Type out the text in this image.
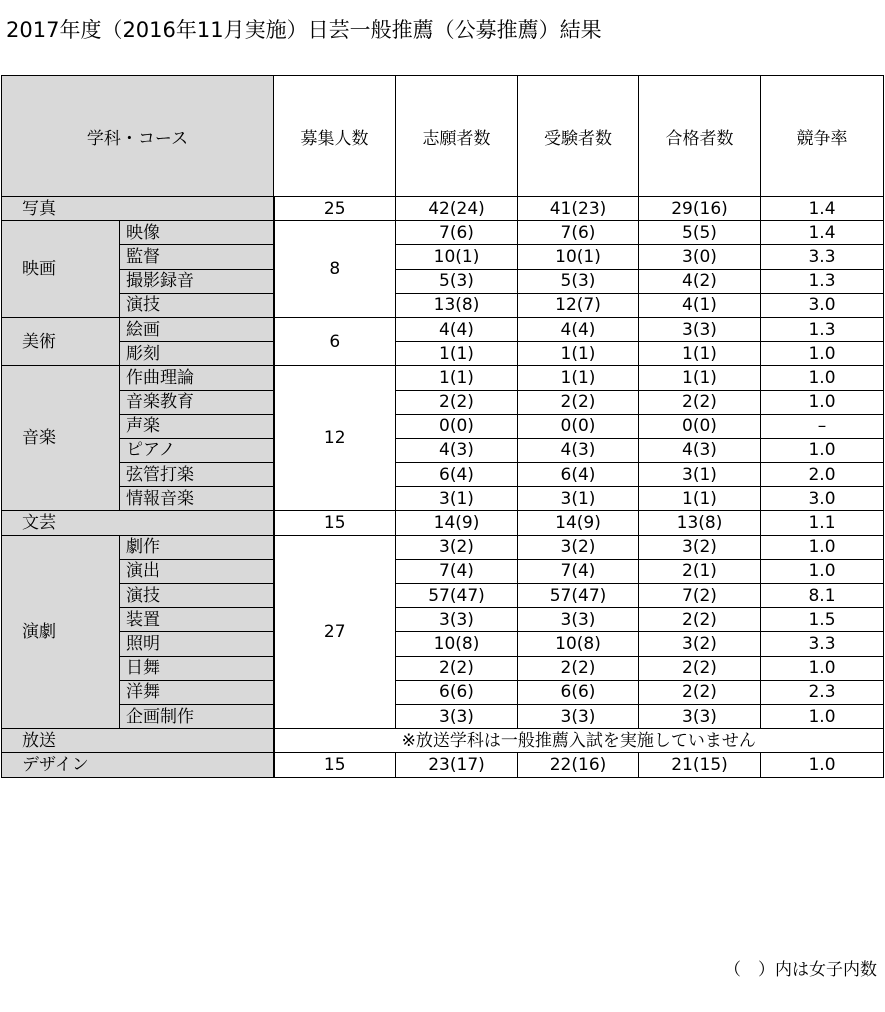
2017年度（2016年11月実施）日芸一般推薦（公募推薦）結果
学科・コース		募集人数	志願者数	受験者数	合格者数	競争率
写真		25	42(24)	41(23)	29(16)	1.4
映画	映像	8	7(6)	7(6)	5(5)	1.4
	監督		10(1)	10(1)	3(0)	3.3
	撮影録音		5(3)	5(3)	4(2)	1.3
	演技		13(8)	12(7)	4(1)	3.0
美術	絵画	6	4(4)	4(4)	3(3)	1.3
	彫刻		1(1)	1(1)	1(1)	1.0
音楽	作曲理論	12	1(1)	1(1)	1(1)	1.0
	音楽教育		2(2)	2(2)	2(2)	1.0
	声楽		0(0)	0(0)	0(0)	–
	ピアノ		4(3)	4(3)	4(3)	1.0
	弦管打楽		6(4)	6(4)	3(1)	2.0
	情報音楽		3(1)	3(1)	1(1)	3.0
文芸		15	14(9)	14(9)	13(8)	1.1
演劇	劇作	27	3(2)	3(2)	3(2)	1.0
	演出		7(4)	7(4)	2(1)	1.0
	演技		57(47)	57(47)	7(2)	8.1
	装置		3(3)	3(3)	2(2)	1.5
	照明		10(8)	10(8)	3(2)	3.3
	日舞		2(2)	2(2)	2(2)	1.0
	洋舞		6(6)	6(6)	2(2)	2.3
	企画制作		3(3)	3(3)	3(3)	1.0
放送		※放送学科は一般推薦入試を実施していません				
デザイン		15	23(17)	22(16)	21(15)	1.0
（　）内は女子内数
